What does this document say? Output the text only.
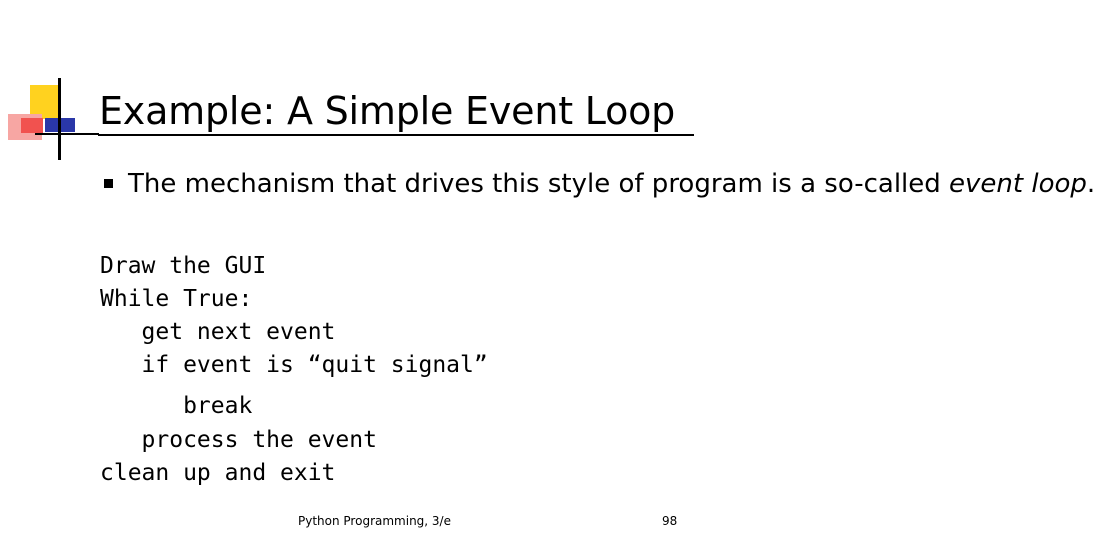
Example: A Simple Event Loop
The mechanism that drives this style of program is a so-called event loop.
Draw the GUI
While True:
get next event
if event is “quit signal”
break
process the event
clean up and exit
Python Programming, 3/e	98
